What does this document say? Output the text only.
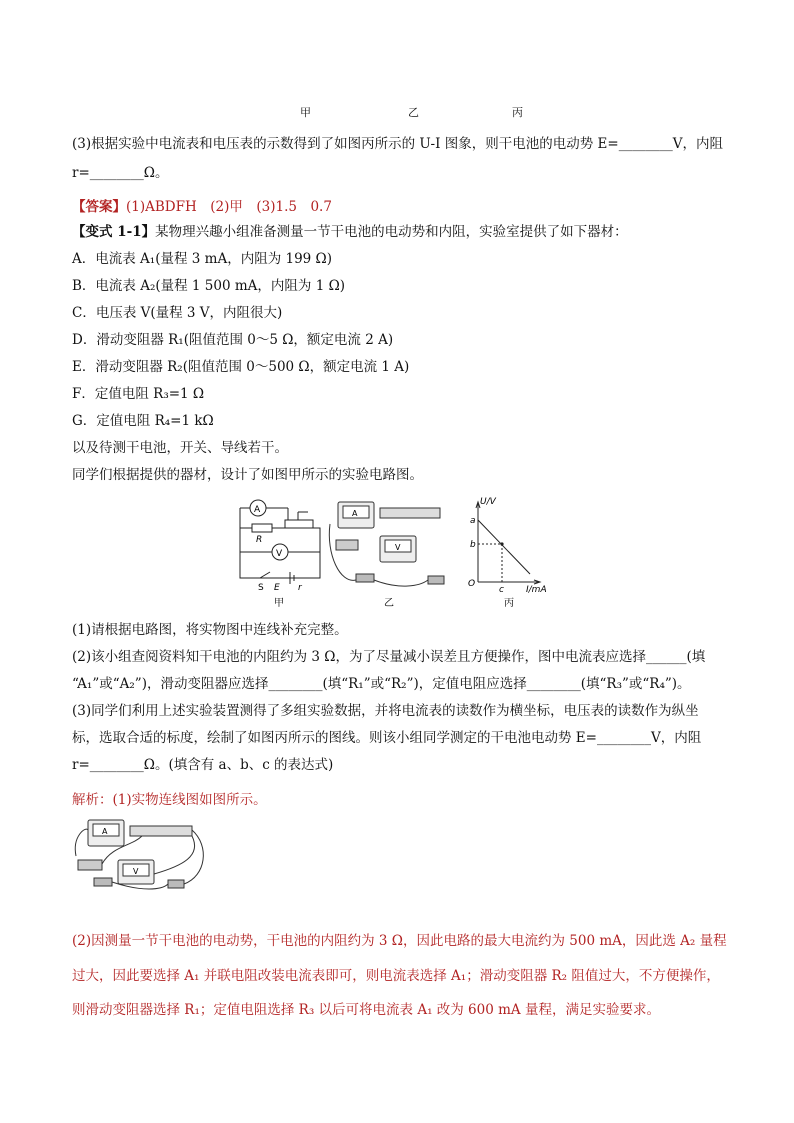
甲	乙	丙
(3)根据实验中电流表和电压表的示数得到了如图丙所示的 U-I 图象，则干电池的电动势 E=________V，内阻
r=________Ω。
【答案】(1)ABDFH　(2)甲　(3)1.5　0.7
【变式 1-1】某物理兴趣小组准备测量一节干电池的电动势和内阻，实验室提供了如下器材：
A．电流表 A₁(量程 3 mA，内阻为 199 Ω)
B．电流表 A₂(量程 1 500 mA，内阻为 1 Ω)
C．电压表 V(量程 3 V，内阻很大)
D．滑动变阻器 R₁(阻值范围 0～5 Ω，额定电流 2 A)
E．滑动变阻器 R₂(阻值范围 0～500 Ω，额定电流 1 A)
F．定值电阻 R₃=1 Ω
G．定值电阻 R₄=1 kΩ
以及待测干电池，开关、导线若干。
同学们根据提供的器材，设计了如图甲所示的实验电路图。
A
V
R
S E r
甲
A
V
乙
U/V
a
b
c
O
I/mA
丙
(1)请根据电路图，将实物图中连线补充完整。
(2)该小组查阅资料知干电池的内阻约为 3 Ω，为了尽量减小误差且方便操作，图中电流表应选择______(填
“A₁”或“A₂”)，滑动变阻器应选择________(填“R₁”或“R₂”)，定值电阻应选择________(填“R₃”或“R₄”)。
(3)同学们利用上述实验装置测得了多组实验数据，并将电流表的读数作为横坐标，电压表的读数作为纵坐
标，选取合适的标度，绘制了如图丙所示的图线。则该小组同学测定的干电池电动势 E=________V，内阻
r=________Ω。(填含有 a、b、c 的表达式)
解析：(1)实物连线图如图所示。
A
V
(2)因测量一节干电池的电动势，干电池的内阻约为 3 Ω，因此电路的最大电流约为 500 mA，因此选 A₂ 量程
过大，因此要选择 A₁ 并联电阻改装电流表即可，则电流表选择 A₁；滑动变阻器 R₂ 阻值过大，不方便操作，
则滑动变阻器选择 R₁；定值电阻选择 R₃ 以后可将电流表 A₁ 改为 600 mA 量程，满足实验要求。
